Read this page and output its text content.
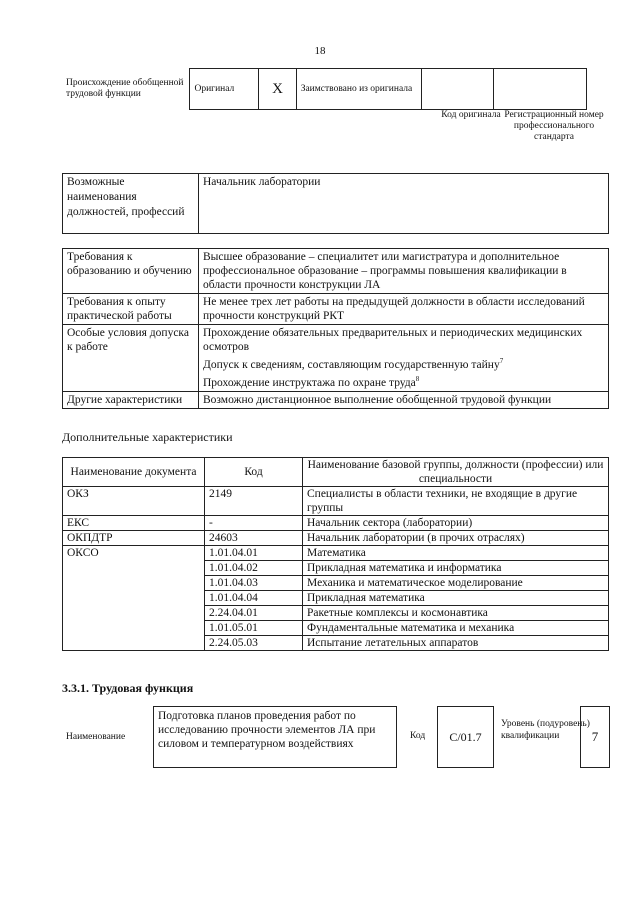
18
Происхождение обобщенной трудовой функции	Оригинал	X	Заимствовано из оригинала		
Код оригинала Регистрационный номер профессионального стандарта
Возможные наименования должностей, профессий	Начальник лаборатории
Требования к образованию и обучению	Высшее образование – специалитет или магистратура и дополнительное профессиональное образование – программы повышения квалификации в области прочности конструкции ЛА
Требования к опыту практической работы	Не менее трех лет работы на предыдущей должности в области исследований прочности конструкций РКТ
Особые условия допуска к работе	Прохождение обязательных предварительных и периодических медицинских осмотров
Допуск к сведениям, составляющим государственную тайну$^7$
Прохождение инструктажа по охране труда$^8$

Другие характеристики	Возможно дистанционное выполнение обобщенной трудовой функции
Дополнительные характеристики
Наименование документа	Код	Наименование базовой группы, должности (профессии) или специальности
ОКЗ	2149	Специалисты в области техники, не входящие в другие группы
ЕКС	-	Начальник сектора (лаборатории)
ОКПДТР	24603	Начальник лаборатории (в прочих отраслях)
ОКСО	1.01.04.01	Математика
	1.01.04.02	Прикладная математика и информатика
	1.01.04.03	Механика и математическое моделирование
	1.01.04.04	Прикладная математика
	2.24.04.01	Ракетные комплексы и космонавтика
	1.01.05.01	Фундаментальные математика и механика
	2.24.05.03	Испытание летательных аппаратов
3.3.1. Трудовая функция
Наименование
Подготовка планов проведения работ по исследованию прочности элементов ЛА при силовом и температурном воздействиях
Код	C/01.7
Уровень (подуровень) квалификации	7
